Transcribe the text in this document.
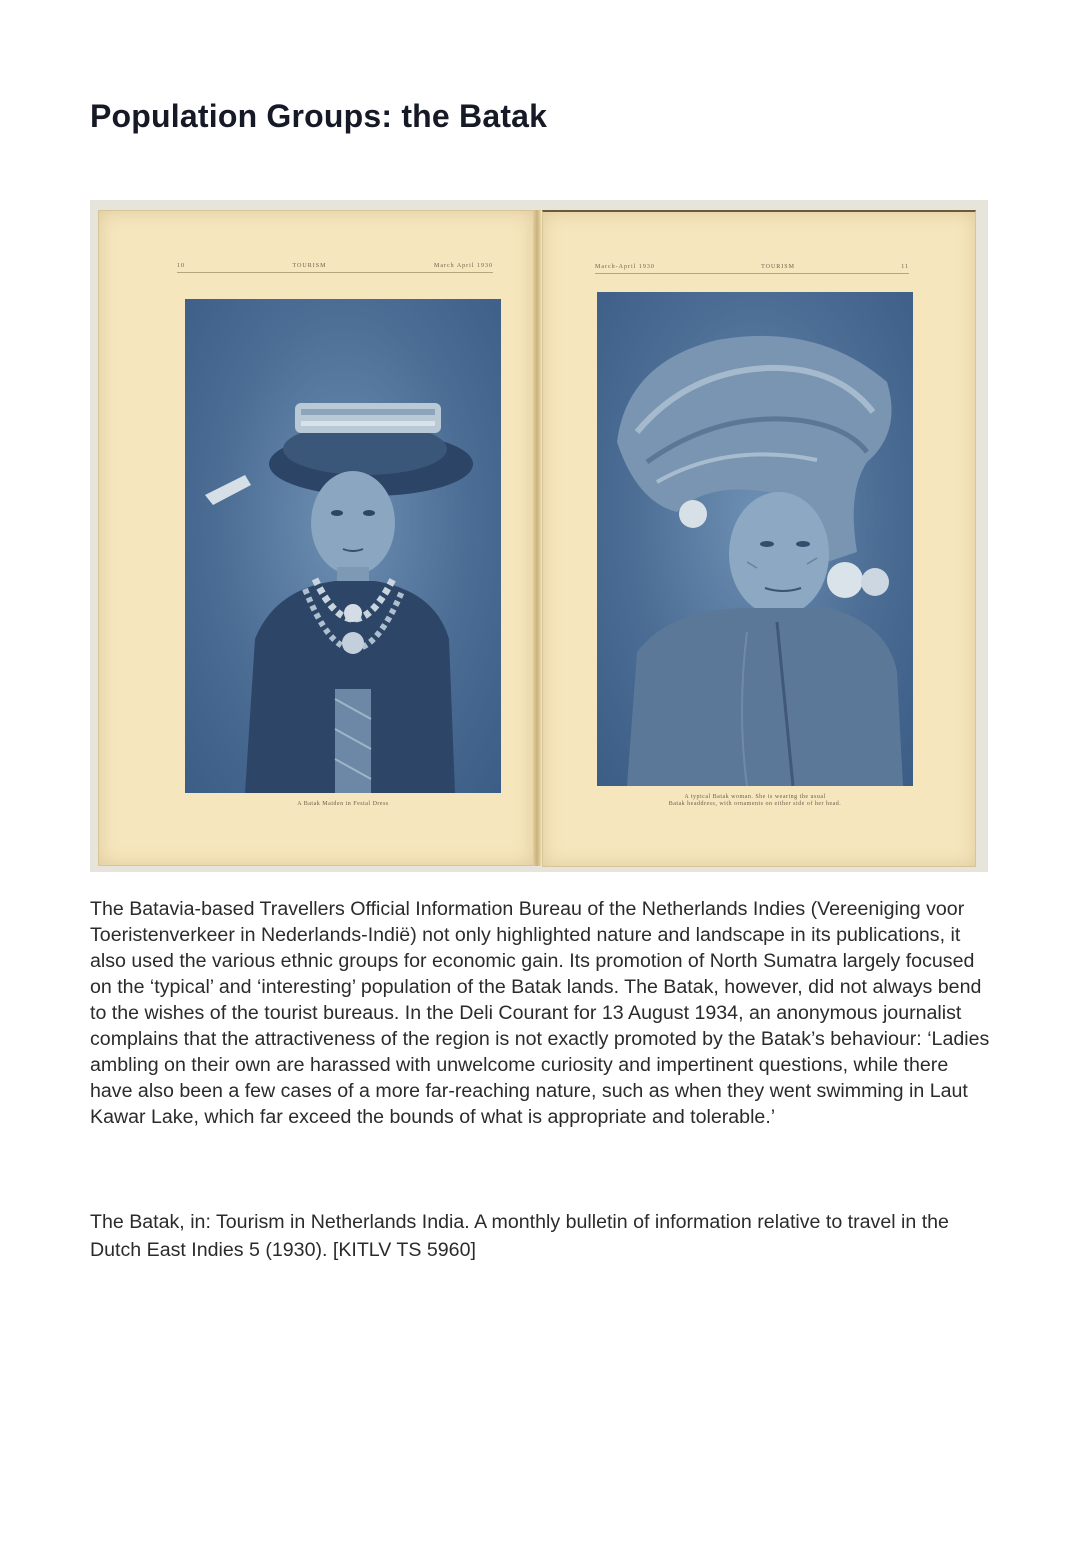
Population Groups: the Batak
10	TOURISM	March April 1930
A Batak Maiden in Festal Dress
March-April 1930	TOURISM	11
A typical Batak woman. She is wearing the usual
Batak headdress, with ornaments on either side of her head.

The Batavia-based Travellers Official Information Bureau of the Netherlands Indies (Vereeniging voor Toeristenverkeer in Nederlands-Indië) not only highlighted nature and landscape in its publications, it also used the various ethnic groups for economic gain. Its promotion of North Sumatra largely focused on the ‘typical’ and ‘interesting’ population of the Batak lands. The Batak, however, did not always bend to the wishes of the tourist bureaus. In the Deli Courant for 13 August 1934, an anonymous journalist complains that the attractiveness of the region is not exactly promoted by the Batak’s behaviour: ‘Ladies ambling on their own are harassed with unwelcome curiosity and impertinent questions, while there have also been a few cases of a more far-reaching nature, such as when they went swimming in Laut Kawar Lake, which far exceed the bounds of what is appropriate and tolerable.’

The Batak, in: Tourism in Netherlands India. A monthly bulletin of information relative to travel in the Dutch East Indies 5 (1930). [KITLV TS 5960]
